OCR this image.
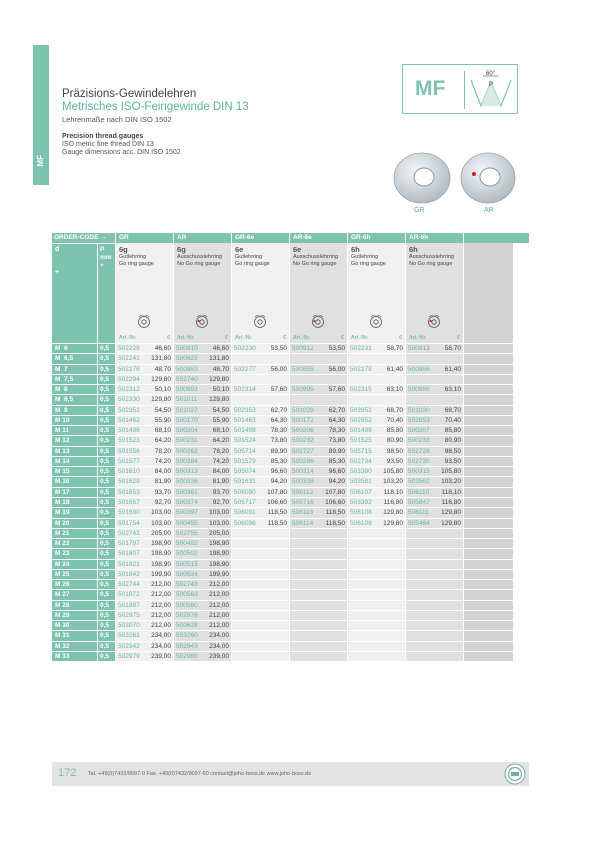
MF
Präzisions-Gewindelehren
Metrisches ISO-Feingewinde DIN 13
Lehrenmaße nach DIN ISO 1502
Precision thread gauges
ISO metric fine thread DIN 13
Gauge dimensions acc. DIN ISO 1502
MF
60°
P
GR	AR
ORDER-CODE →	GR	AR	GR-6e	AR-6e	GR-6h	AR-6h
d
+
P
mm
+
6g
Gutlehrring
Go ring gauge
6g
Ausschusslehrring
No Go ring gauge
6e
Gutlehrring
Go ring gauge
6e
Ausschusslehrring
No Go ring gauge
6h
Gutlehrring
Go ring gauge
6h
Ausschusslehrring
No Go ring gauge
Art.-Nr.	€ Art.-Nr.	€ Art.-Nr.	€ Art.-Nr.	€ Art.-Nr.	€ Art.-Nr.	€
M  6	0,5	502228 46,60 500910 46,60 502230 53,50 500912 53,50 502231 58,70 500913 58,70
M  6,5	0,5	502241 131,80 500922 131,80
M  7	0,5	502276 48,70 500953 48,70 502277 56,00 500955 56,00 502278 61,40 500956 61,40
M  7,5	0,5	502294 129,80 502740 129,80
M  8	0,5	502312 50,10 500993 50,10 502314 57,60 500995 57,60 502315 63,10 500996 63,10
M  8,5	0,5	502330 129,80 501011 129,80
M  9	0,5	502351 54,50 501027 54,50 502353 62,70 501029 62,70 503951 68,70 501030 68,70
M 10	0,5	501462 55,90 500170 55,90 501463 64,30 500172 64,30 502852 70,40 502853 70,40
M 11	0,5	501496 68,10 500204 68,10 501498 78,30 500206 78,30 501499 85,80 500207 85,80
M 12	0,5	501523 64,20 500231 64,20 501524 73,80 500232 73,80 501525 80,90 500233 80,90
M 13	0,5	501556 78,20 500262 78,20 505714 89,90 502727 89,90 505715 98,50 502728 98,50
M 14	0,5	501577 74,20 500284 74,20 501579 85,30 500286 85,30 502734 93,50 502735 93,50
M 15	0,5	501610 84,00 500313 84,00 505074 96,60 500314 96,60 503380 105,80 500315 105,80
M 16	0,5	501629 81,90 500336 81,90 501631 94,20 500338 94,20 503581 103,20 503562 103,20
M 17	0,5	501653 93,70 500361 93,70 506080 107,80 506112 107,80 506107 118,10 506110 118,10
M 18	0,5	501667 92,70 500374 92,70 505717 106,60 505716 106,60 503392 116,80 505847 116,80
M 19	0,5	501690 103,00 500397 103,00 506091 118,50 506113 118,50 506108 129,80 506111 129,80
M 20	0,5	501754 103,00 500455 103,00 506096 118,50 506114 118,50 506109 129,80 505464 129,80
M 21	0,5	502741 205,00 502755 205,00
M 22	0,5	501797 198,90 500482 198,90
M 23	0,5	501807 198,90 500502 198,90
M 24	0,5	501821 198,90 500515 198,90
M 25	0,5	501842 199,90 500534 199,90
M 26	0,5	502744 212,00 502743 212,00
M 27	0,5	501872 212,00 500563 212,00
M 28	0,5	501887 212,00 500580 212,00
M 29	0,5	502975 212,00 502976 212,00
M 30	0,5	503070 212,00 500628 212,00
M 31	0,5	503261 234,00 503260 234,00
M 32	0,5	502942 234,00 502943 234,00
M 33	0,5	502979 239,00 502980 239,00
172 Tel. +49(0)7432/9097-0 Fax. +49(0)7432/9097-60 contact@joho-boss.de www.joho-boss.de
